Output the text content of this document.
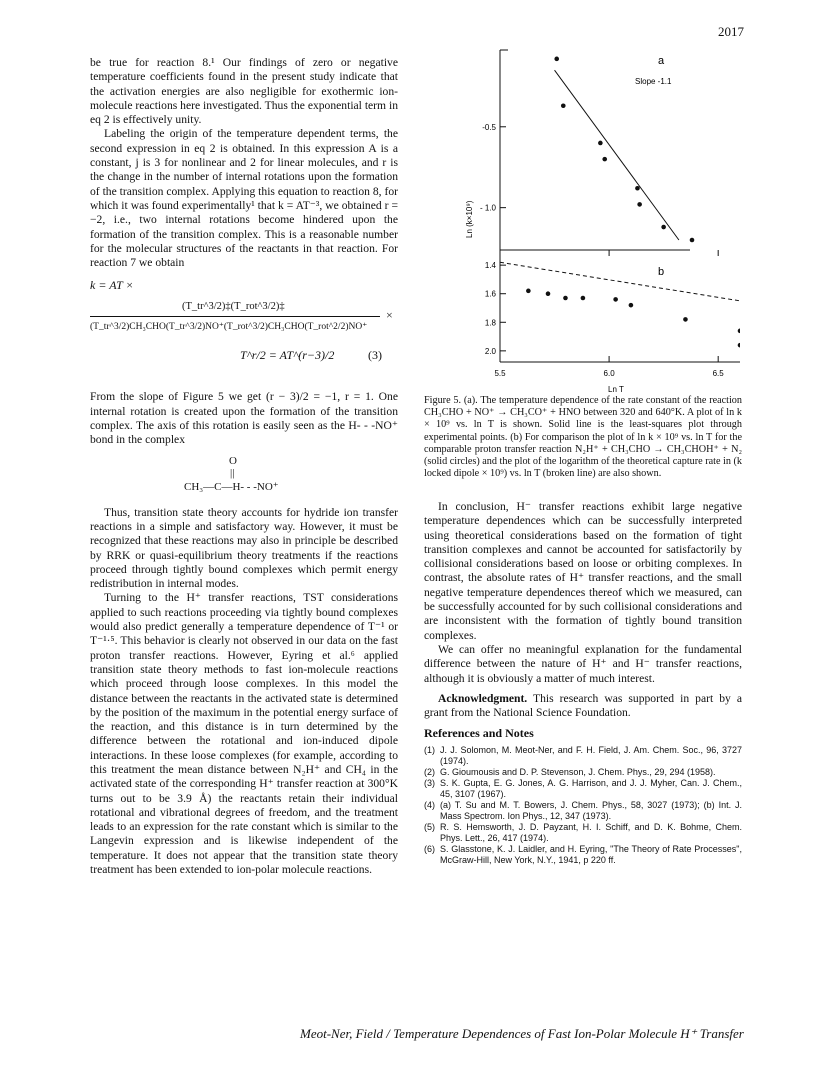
2017

be true for reaction 8.¹ Our findings of zero or negative temperature coefficients found in the present study indicate that the activation energies are also negligible for exothermic ion-molecule reactions here investigated. Thus the exponential term in eq 2 is effectively unity.

Labeling the origin of the temperature dependent terms, the second expression in eq 2 is obtained. In this expression A is a constant, j is 3 for nonlinear and 2 for linear molecules, and r is the change in the number of internal rotations upon the formation of the transition complex. Applying this equation to reaction 8, for which it was found experimentally¹ that k = AT⁻³, we obtained r = −2, i.e., two internal rotations become hindered upon the formation of the transition complex. This is a reasonable number for the molecular structures of the reactants in that reaction. For reaction 7 we obtain

k = AT ×
(T_tr^3/2)‡(T_rot^3/2)‡
(T_tr^3/2)CH₃CHO(T_tr^3/2)NO⁺(T_rot^3/2)CH₃CHO(T_rot^2/2)NO⁺
×
T^r/2 = AT^(r−3)/2	(3)

From the slope of Figure 5 we get (r − 3)/2 = −1, r = 1. One internal rotation is created upon the formation of the transition complex. The axis of this rotation is easily seen as the H- - -NO⁺ bond in the complex

O
||
CH₃—C—H- - -NO⁺

Thus, transition state theory accounts for hydride ion transfer reactions in a simple and satisfactory way. However, it must be recognized that these reactions may also in principle be described by RRK or quasi-equilibrium theory treatments if the reactions proceed through tightly bound complexes which permit energy redistribution in internal modes.

Turning to the H⁺ transfer reactions, TST considerations applied to such reactions proceeding via tightly bound complexes would also predict generally a temperature dependence of T⁻¹ or T⁻¹·⁵. This behavior is clearly not observed in our data on the fast proton transfer reactions. However, Eyring et al.⁶ applied transition state theory methods to fast ion-molecule reactions which proceed through loose complexes. In this model the distance between the reactants in the activated state is determined by the position of the maximum in the potential energy surface of the reaction, and this distance is in turn determined by the difference between the rotational and ion-induced dipole interactions. In these loose complexes (for example, according to this treatment the mean distance between N₂H⁺ and CH₄ in the activated state of the corresponding H⁺ transfer reaction at 300°K turns out to be 3.9 Å) the reactants retain their individual rotational and vibrational degrees of freedom, and the treatment leads to an expression for the rate constant which is similar to the Langevin expression and is likewise independent of the temperature. It does not appear that the transition state theory treatment has been extended to ion-polar molecule reactions.

a
Slope -1.1
b
Ln (k×10⁹)
Ln T
-0.5
- 1.0
2.0
1.8
1.6
1.4
5.5	6.0	6.5
Figure 5. (a). The temperature dependence of the rate constant of the reaction CH₃CHO + NO⁺ → CH₃CO⁺ + HNO between 320 and 640°K. A plot of ln k × 10⁹ vs. ln T is shown. Solid line is the least-squares plot through experimental points. (b) For comparison the plot of ln k × 10⁹ vs. ln T for the comparable proton transfer reaction N₂H⁺ + CH₃CHO → CH₃CHOH⁺ + N₂ (solid circles) and the plot of the logarithm of the theoretical capture rate in (k locked dipole × 10⁹) vs. ln T (broken line) are also shown.

In conclusion, H⁻ transfer reactions exhibit large negative temperature dependences which can be successfully interpreted using theoretical considerations based on the formation of tight transition complexes and cannot be accounted for satisfactorily by collisional considerations based on loose or orbiting complexes. In contrast, the absolute rates of H⁺ transfer reactions, and the small negative temperature dependences thereof which we measured, can be successfully accounted for by such collisional considerations and are inconsistent with the formation of tightly bound transition complexes.

We can offer no meaningful explanation for the fundamental difference between the nature of H⁺ and H⁻ transfer reactions, although it is obviously a matter of much interest.

Acknowledgment. This research was supported in part by a grant from the National Science Foundation.

References and Notes
(1) J. J. Solomon, M. Meot-Ner, and F. H. Field, J. Am. Chem. Soc., 96, 3727 (1974).
(2) G. Gioumousis and D. P. Stevenson, J. Chem. Phys., 29, 294 (1958).
(3) S. K. Gupta, E. G. Jones, A. G. Harrison, and J. J. Myher, Can. J. Chem., 45, 3107 (1967).
(4) (a) T. Su and M. T. Bowers, J. Chem. Phys., 58, 3027 (1973); (b) Int. J. Mass Spectrom. Ion Phys., 12, 347 (1973).
(5) R. S. Hemsworth, J. D. Payzant, H. I. Schiff, and D. K. Bohme, Chem. Phys. Lett., 26, 417 (1974).
(6) S. Glasstone, K. J. Laidler, and H. Eyring, "The Theory of Rate Processes", McGraw-Hill, New York, N.Y., 1941, p 220 ff.
Meot-Ner, Field / Temperature Dependences of Fast Ion-Polar Molecule H⁺ Transfer
